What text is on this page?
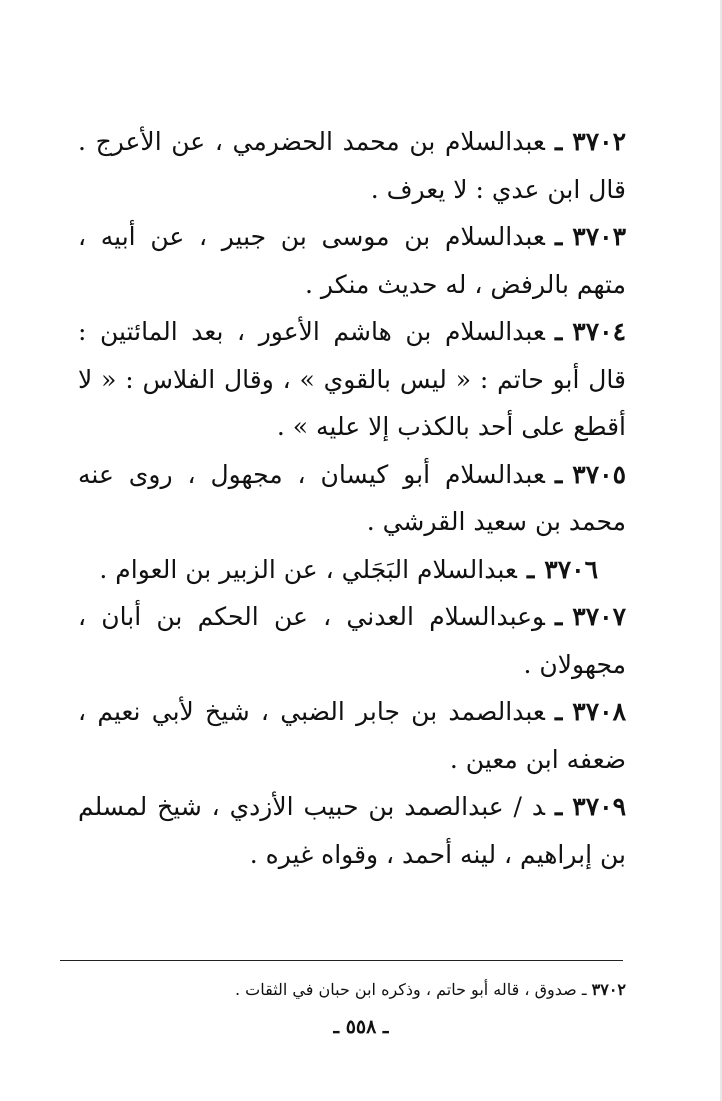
٣٧٠٢ـعبدالسلام بن محمد الحضرمي ، عن الأعرج . قال ابن عدي : لا يعرف .

٣٧٠٣ـعبدالسلام بن موسى بن جبير ، عن أبيه ، متهم بالرفض ، له حديث منكر .

٣٧٠٤ـعبدالسلام بن هاشم الأعور ، بعد المائتين : قال أبو حاتم : « ليس بالقوي » ، وقال الفلاس : « لا أقطع على أحد بالكذب إلا عليه » .

٣٧٠٥ـعبدالسلام أبو كيسان ، مجهول ، روى عنه محمد بن سعيد القرشي .

٣٧٠٦ـعبدالسلام البَجَلي ، عن الزبير بن العوام .

٣٧٠٧ـوعبدالسلام العدني ، عن الحكم بن أبان ، مجهولان .

٣٧٠٨ـعبدالصمد بن جابر الضبي ، شيخ لأبي نعيم ، ضعفه ابن معين .

٣٧٠٩ـد / عبدالصمد بن حبيب الأزدي ، شيخ لمسلم بن إبراهيم ، لينه أحمد ، وقواه غيره .

٣٧٠٢ ـ صدوق ، قاله أبو حاتم ، وذكره ابن حبان في الثقات .
ـ ٥٥٨ ـ
